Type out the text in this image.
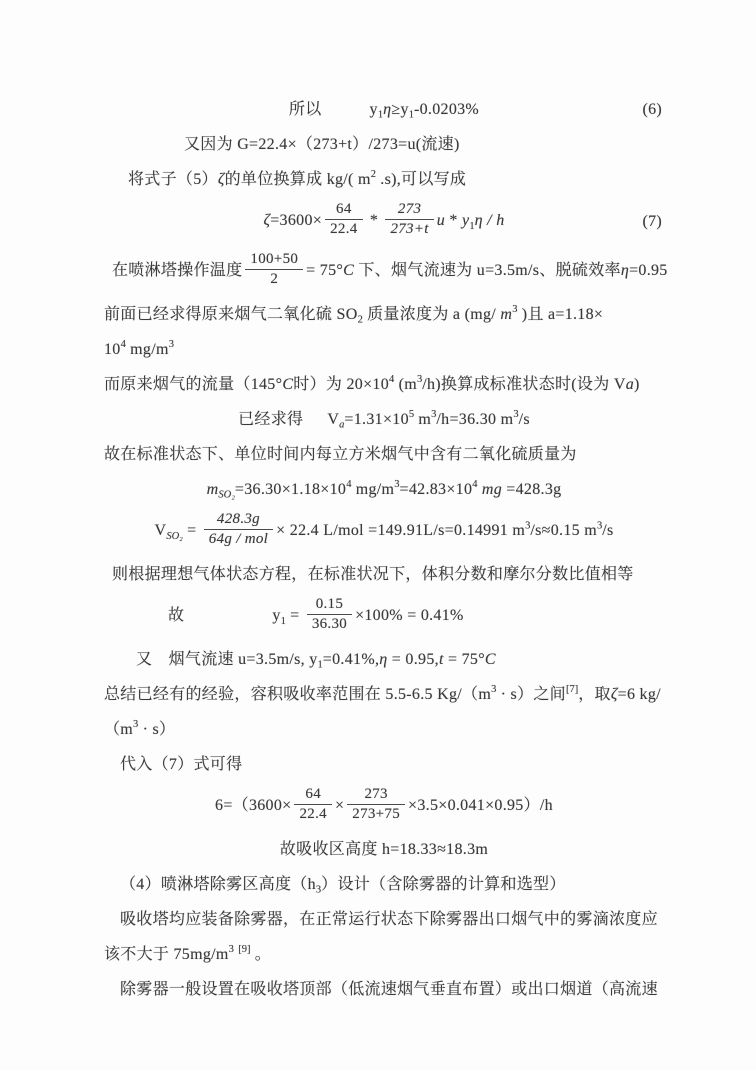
所以	$y_1\eta\ge y_1-0.0203\%$	(6)
又因为 G=22.4×（273+t）/273=u(流速)
将式子（5）ζ的单位换算成 kg/( $m^2$ .s),可以写成
$\zeta=3600\times \frac{64}{22.4} * \frac{273}{273+t}$ u * $y_1\eta$ / h	(7)
在喷淋塔操作温度 $\frac{100+50}{2} = 75^\circ C$ 下、烟气流速为 u=3.5m/s、脱硫效率η=0.95
前面已经求得原来烟气二氧化硫 $SO_2$ 质量浓度为 a (mg/ $m^3$ )且 a=1.18×
$10^4$ $mg/m^3$
而原来烟气的流量（145°C时）为 $20\times 10^4$ $(m^3/h)$换算成标准状态时(设为 Va)
已经求得 $V_a=1.31\times 10^5$ $m^3/h=36.30$ $m^3/s$
故在标准状态下、单位时间内每立方米烟气中含有二氧化硫质量为
$m_{SO_2}=36.30\times 1.18\times 10^4$ $mg/m^3=42.83\times 10^4$ mg =428.3g
$V_{SO_2} = \frac{428.3g}{\text{64g / mol}} \times 22.4$ L/mol =149.91L/s=0.14991 $m^3/s\approx 0.15$ $m^3/s$
则根据理想气体状态方程，在标准状况下，体积分数和摩尔分数比值相等
故	$y_1 = \frac{0.15}{36.30} \times 100\% = 0.41\%$
又　烟气流速 u=3.5m/s, $y_1=0.41\%,\eta = 0.95,t = 75^\circ C$
总结已经有的经验，容积吸收率范围在 5.5-6.5 $Kg/(m^3 \cdot s)$之间[7]，取ζ=6 kg/
$(m^3 \cdot s)$
代入（7）式可得
$6=(3600\times \frac{64}{22.4} \times \frac{273}{273+75} \times 3.5\times 0.041\times 0.95)/h$
故吸收区高度 h=18.33≈18.3m
（4）喷淋塔除雾区高度$(h_3)$设计（含除雾器的计算和选型）
吸收塔均应装备除雾器，在正常运行状态下除雾器出口烟气中的雾滴浓度应
该不大于 $75mg/m^3$ [9] 。
除雾器一般设置在吸收塔顶部（低流速烟气垂直布置）或出口烟道（高流速
